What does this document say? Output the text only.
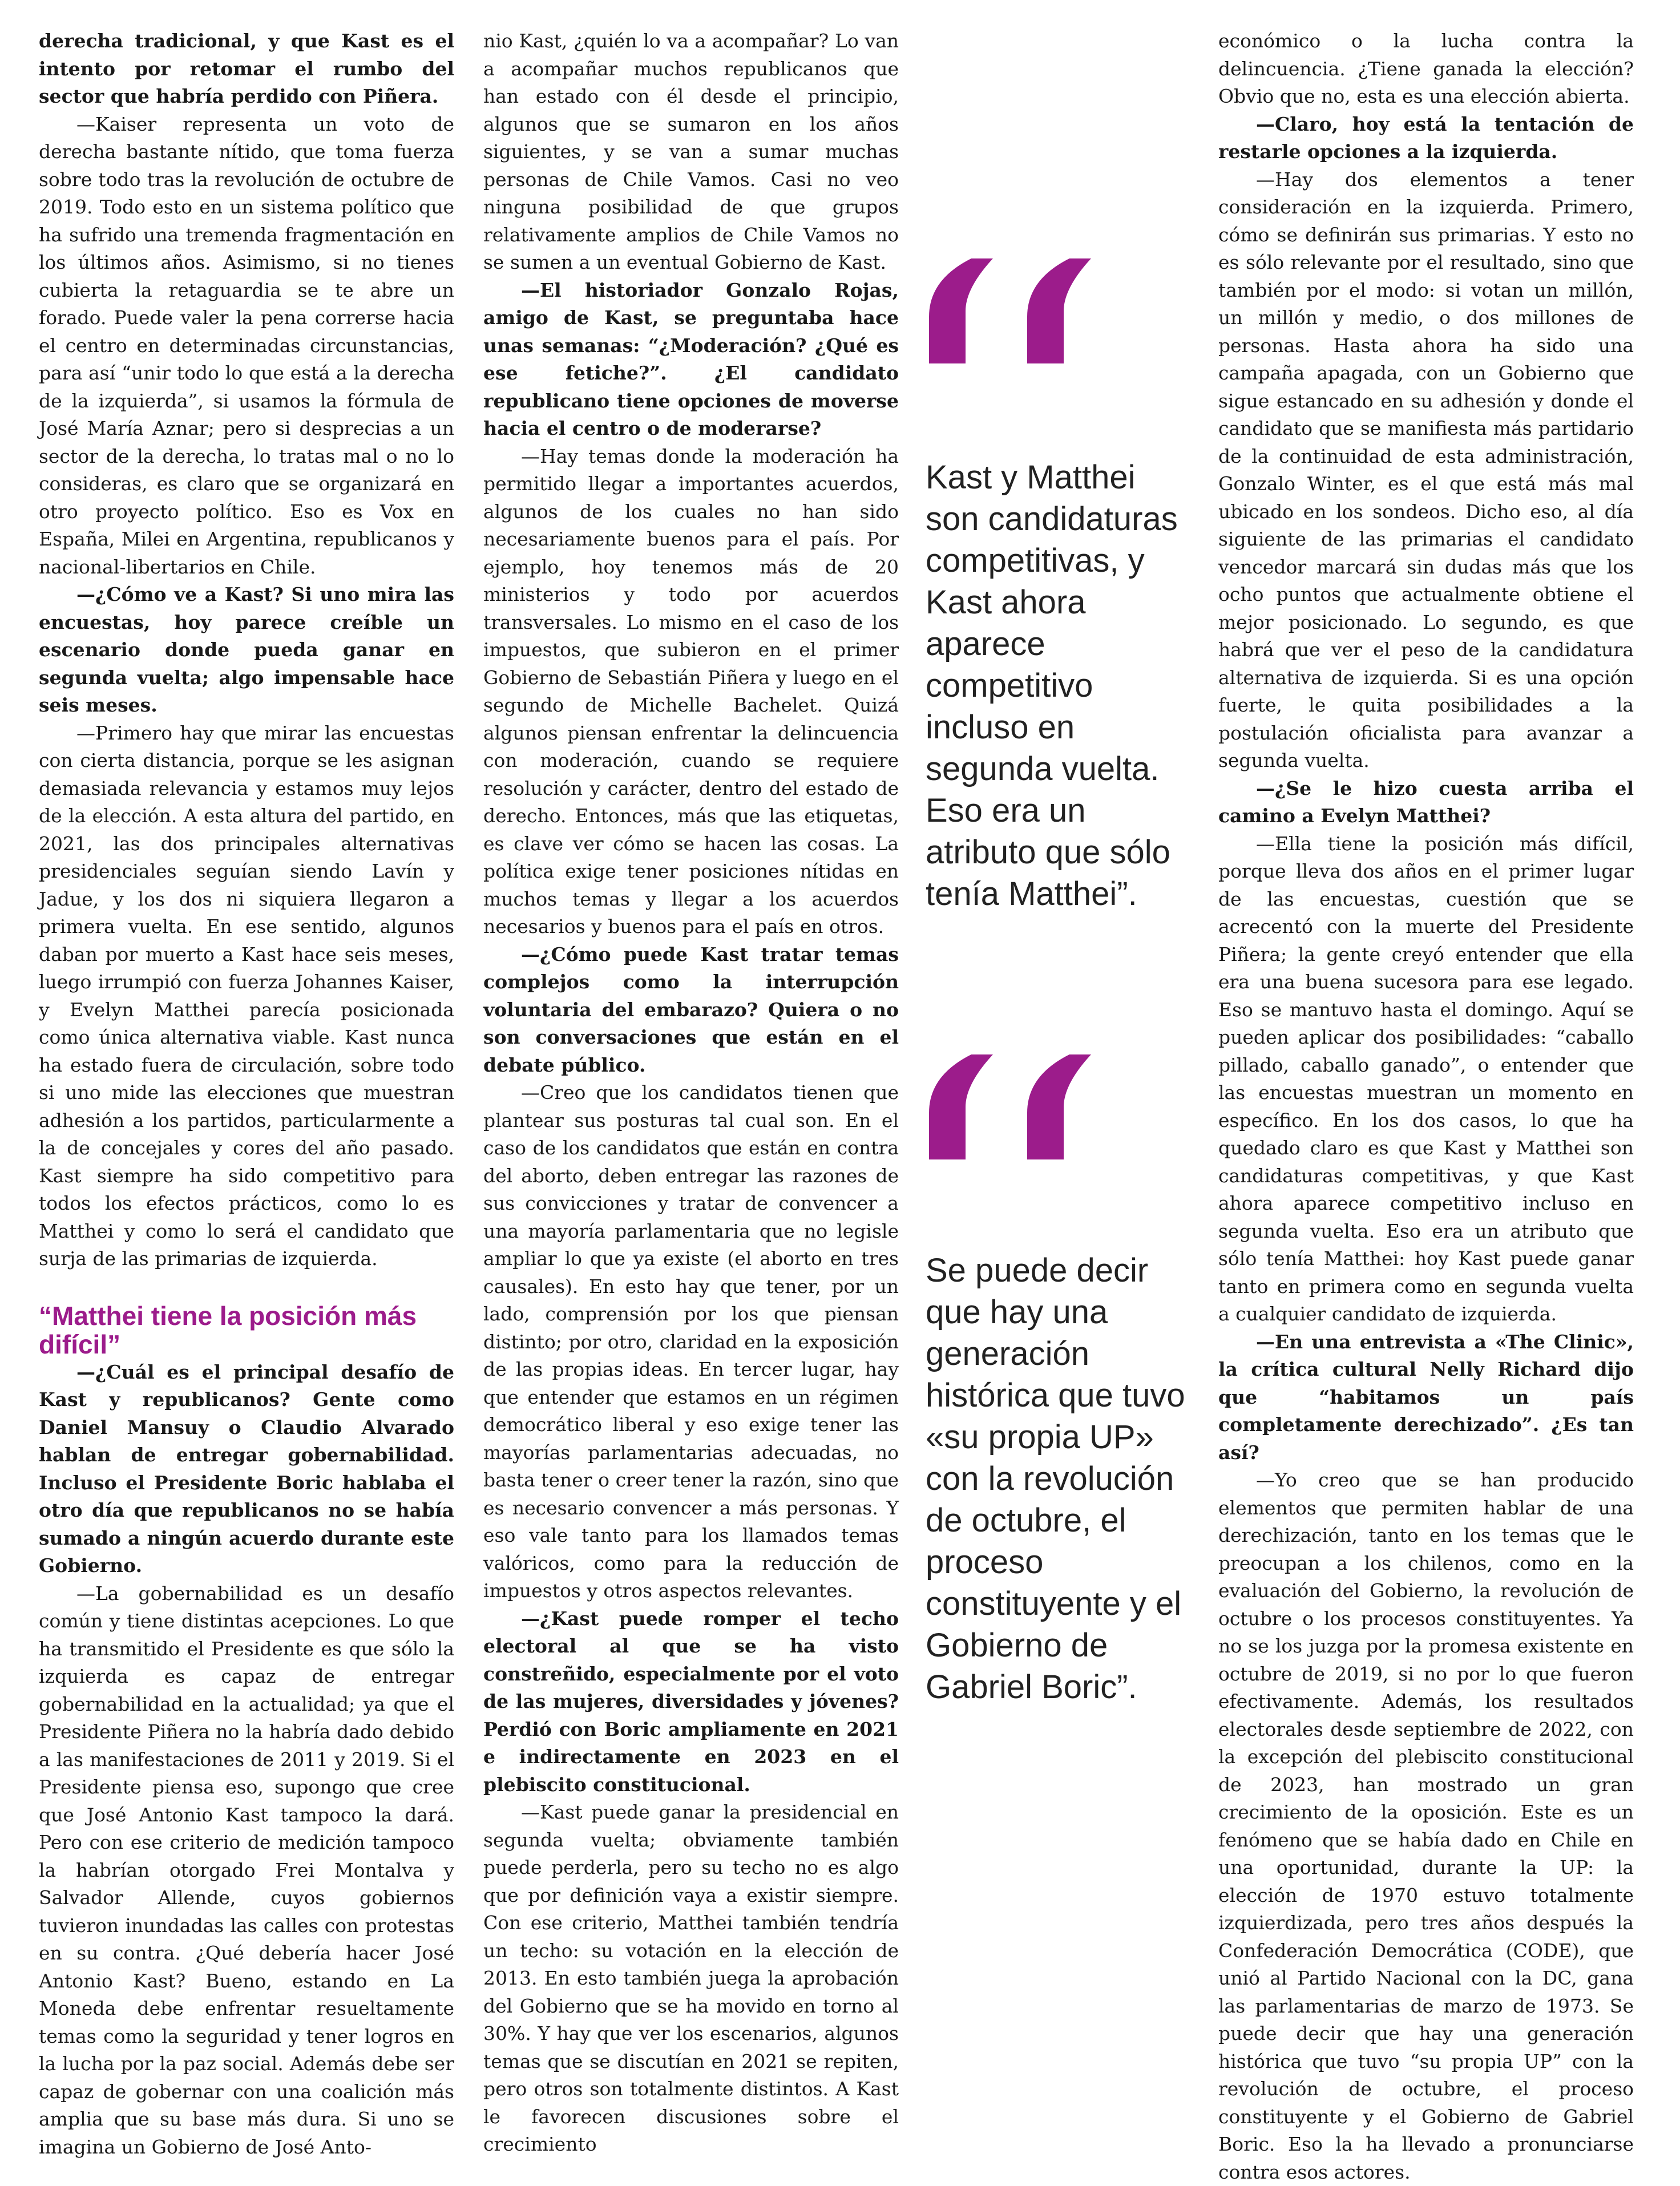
derecha tradicional, y que Kast es el intento por retomar el rumbo del sector que habría perdido con Piñera.

—Kaiser representa un voto de derecha bastante nítido, que toma fuerza sobre todo tras la revolución de octubre de 2019. Todo esto en un sistema político que ha sufrido una tremenda fragmentación en los últimos años. Asimismo, si no tienes cubierta la retaguardia se te abre un forado. Puede valer la pena correrse hacia el centro en determinadas circunstancias, para así “unir todo lo que está a la derecha de la izquierda”, si usamos la fórmula de José María Aznar; pero si desprecias a un sector de la derecha, lo tratas mal o no lo consideras, es claro que se organizará en otro proyecto político. Eso es Vox en España, Milei en Argentina, republicanos y nacional-libertarios en Chile.

—¿Cómo ve a Kast? Si uno mira las encuestas, hoy parece creíble un escenario donde pueda ganar en segunda vuelta; algo impensable hace seis meses.

—Primero hay que mirar las encuestas con cierta distancia, porque se les asignan demasiada relevancia y estamos muy lejos de la elección. A esta altura del partido, en 2021, las dos principales alternativas presidenciales seguían siendo Lavín y Jadue, y los dos ni siquiera llegaron a primera vuelta. En ese sentido, algunos daban por muerto a Kast hace seis meses, luego irrumpió con fuerza Johannes Kaiser, y Evelyn Matthei parecía posicionada como única alternativa viable. Kast nunca ha estado fuera de circulación, sobre todo si uno mide las elecciones que muestran adhesión a los partidos, particularmente a la de concejales y cores del año pasado. Kast siempre ha sido competitivo para todos los efectos prácticos, como lo es Matthei y como lo será el candidato que surja de las primarias de izquierda.

“Matthei tiene la posición más difícil”

—¿Cuál es el principal desafío de Kast y republicanos? Gente como Daniel Mansuy o Claudio Alvarado hablan de entregar gobernabilidad. Incluso el Presidente Boric hablaba el otro día que republicanos no se había sumado a ningún acuerdo durante este Gobierno.

—La gobernabilidad es un desafío común y tiene distintas acepciones. Lo que ha transmitido el Presidente es que sólo la izquierda es capaz de entregar gobernabilidad en la actualidad; ya que el Presidente Piñera no la habría dado debido a las manifestaciones de 2011 y 2019. Si el Presidente piensa eso, supongo que cree que José Antonio Kast tampoco la dará. Pero con ese criterio de medición tampoco la habrían otorgado Frei Montalva y Salvador Allende, cuyos gobiernos tuvieron inundadas las calles con protestas en su contra. ¿Qué debería hacer José Antonio Kast? Bueno, estando en La Moneda debe enfrentar resueltamente temas como la seguridad y tener logros en la lucha por la paz social. Además debe ser capaz de gobernar con una coalición más amplia que su base más dura. Si uno se imagina un Gobierno de José Anto-

nio Kast, ¿quién lo va a acompañar? Lo van a acompañar muchos republicanos que han estado con él desde el principio, algunos que se sumaron en los años siguientes, y se van a sumar muchas personas de Chile Vamos. Casi no veo ninguna posibilidad de que grupos relativamente amplios de Chile Vamos no se sumen a un eventual Gobierno de Kast.

—El historiador Gonzalo Rojas, amigo de Kast, se preguntaba hace unas semanas: “¿Moderación? ¿Qué es ese fetiche?”. ¿El candidato republicano tiene opciones de moverse hacia el centro o de moderarse?

—Hay temas donde la moderación ha permitido llegar a importantes acuerdos, algunos de los cuales no han sido necesariamente buenos para el país. Por ejemplo, hoy tenemos más de 20 ministerios y todo por acuerdos transversales. Lo mismo en el caso de los impuestos, que subieron en el primer Gobierno de Sebastián Piñera y luego en el segundo de Michelle Bachelet. Quizá algunos piensan enfrentar la delincuencia con moderación, cuando se requiere resolución y carácter, dentro del estado de derecho. Entonces, más que las etiquetas, es clave ver cómo se hacen las cosas. La política exige tener posiciones nítidas en muchos temas y llegar a los acuerdos necesarios y buenos para el país en otros.

—¿Cómo puede Kast tratar temas complejos como la interrupción voluntaria del embarazo? Quiera o no son conversaciones que están en el debate público.

—Creo que los candidatos tienen que plantear sus posturas tal cual son. En el caso de los candidatos que están en contra del aborto, deben entregar las razones de sus convicciones y tratar de convencer a una mayoría parlamentaria que no legisle ampliar lo que ya existe (el aborto en tres causales). En esto hay que tener, por un lado, comprensión por los que piensan distinto; por otro, claridad en la exposición de las propias ideas. En tercer lugar, hay que entender que estamos en un régimen democrático liberal y eso exige tener las mayorías parlamentarias adecuadas, no basta tener o creer tener la razón, sino que es necesario convencer a más personas. Y eso vale tanto para los llamados temas valóricos, como para la reducción de impuestos y otros aspectos relevantes.

—¿Kast puede romper el techo electoral al que se ha visto constreñido, especialmente por el voto de las mujeres, diversidades y jóvenes? Perdió con Boric ampliamente en 2021 e indirectamente en 2023 en el plebiscito constitucional.

—Kast puede ganar la presidencial en segunda vuelta; obviamente también puede perderla, pero su techo no es algo que por definición vaya a existir siempre. Con ese criterio, Matthei también tendría un techo: su votación en la elección de 2013. En esto también juega la aprobación del Gobierno que se ha movido en torno al 30%. Y hay que ver los escenarios, algunos temas que se discutían en 2021 se repiten, pero otros son totalmente distintos. A Kast le favorecen discusiones sobre el crecimiento

Kast y Matthei son candidaturas competitivas, y Kast ahora aparece competitivo incluso en segunda vuelta. Eso era un atributo que sólo tenía Matthei”.

Se puede decir que hay una generación histórica que tuvo «su propia UP» con la revolución de octubre, el proceso constituyente y el Gobierno de Gabriel Boric”.

económico o la lucha contra la delincuencia. ¿Tiene ganada la elección? Obvio que no, esta es una elección abierta.

—Claro, hoy está la tentación de restarle opciones a la izquierda.

—Hay dos elementos a tener consideración en la izquierda. Primero, cómo se definirán sus primarias. Y esto no es sólo relevante por el resultado, sino que también por el modo: si votan un millón, un millón y medio, o dos millones de personas. Hasta ahora ha sido una campaña apagada, con un Gobierno que sigue estancado en su adhesión y donde el candidato que se manifiesta más partidario de la continuidad de esta administración, Gonzalo Winter, es el que está más mal ubicado en los sondeos. Dicho eso, al día siguiente de las primarias el candidato vencedor marcará sin dudas más que los ocho puntos que actualmente obtiene el mejor posicionado. Lo segundo, es que habrá que ver el peso de la candidatura alternativa de izquierda. Si es una opción fuerte, le quita posibilidades a la postulación oficialista para avanzar a segunda vuelta.

—¿Se le hizo cuesta arriba el camino a Evelyn Matthei?

—Ella tiene la posición más difícil, porque lleva dos años en el primer lugar de las encuestas, cuestión que se acrecentó con la muerte del Presidente Piñera; la gente creyó entender que ella era una buena sucesora para ese legado. Eso se mantuvo hasta el domingo. Aquí se pueden aplicar dos posibilidades: “caballo pillado, caballo ganado”, o entender que las encuestas muestran un momento en específico. En los dos casos, lo que ha quedado claro es que Kast y Matthei son candidaturas competitivas, y que Kast ahora aparece competitivo incluso en segunda vuelta. Eso era un atributo que sólo tenía Matthei: hoy Kast puede ganar tanto en primera como en segunda vuelta a cualquier candidato de izquierda.

—En una entrevista a «The Clinic», la crítica cultural Nelly Richard dijo que “habitamos un país completamente derechizado”. ¿Es tan así?

—Yo creo que se han producido elementos que permiten hablar de una derechización, tanto en los temas que le preocupan a los chilenos, como en la evaluación del Gobierno, la revolución de octubre o los procesos constituyentes. Ya no se los juzga por la promesa existente en octubre de 2019, si no por lo que fueron efectivamente. Además, los resultados electorales desde septiembre de 2022, con la excepción del plebiscito constitucional de 2023, han mostrado un gran crecimiento de la oposición. Este es un fenómeno que se había dado en Chile en una oportunidad, durante la UP: la elección de 1970 estuvo totalmente izquierdizada, pero tres años después la Confederación Democrática (CODE), que unió al Partido Nacional con la DC, gana las parlamentarias de marzo de 1973. Se puede decir que hay una generación histórica que tuvo “su propia UP” con la revolución de octubre, el proceso constituyente y el Gobierno de Gabriel Boric. Eso la ha llevado a pronunciarse contra esos actores.
